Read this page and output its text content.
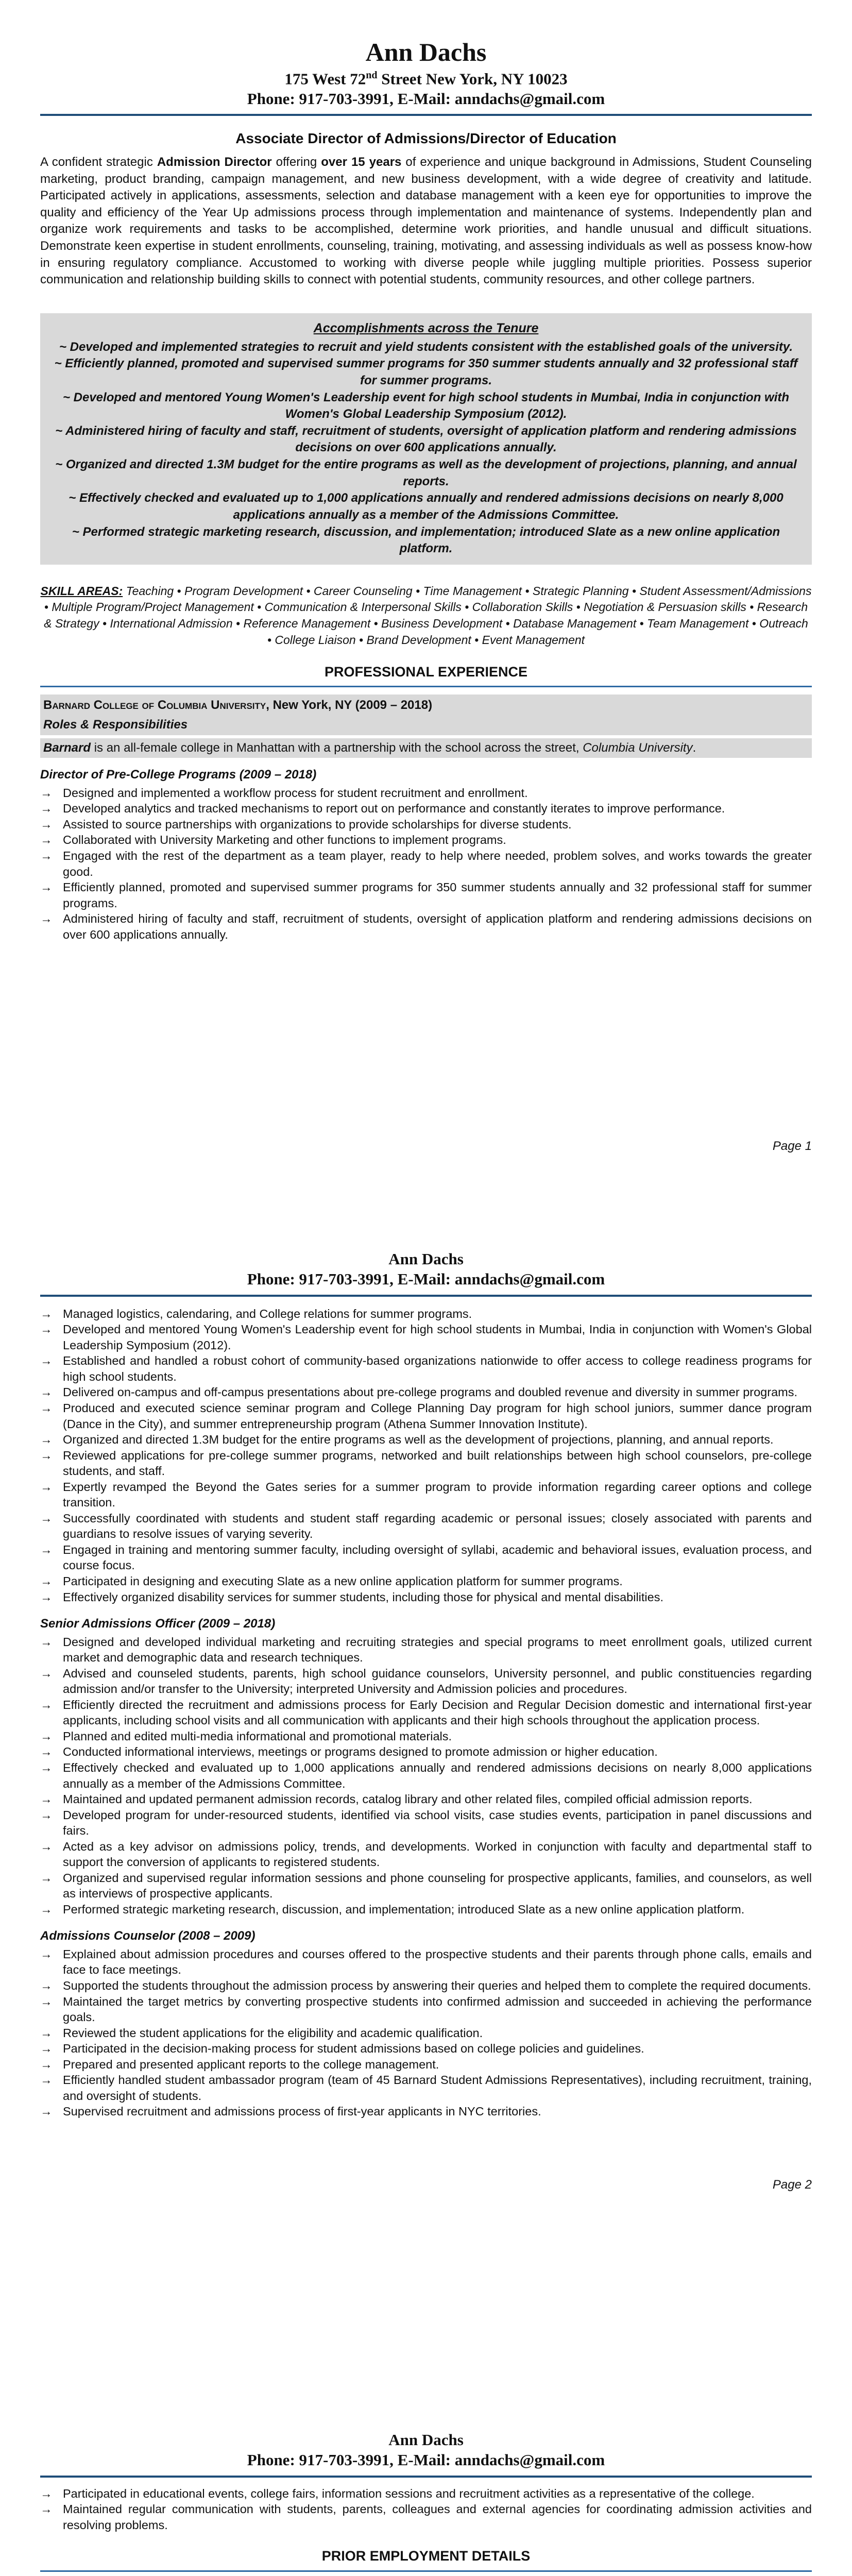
Ann Dachs
175 West 72nd Street New York, NY 10023
Phone: 917-703-3991, E-Mail: anndachs@gmail.com
Associate Director of Admissions/Director of Education

A confident strategic Admission Director offering over 15 years of experience and unique background in Admissions, Student Counseling marketing, product branding, campaign management, and new business development, with a wide degree of creativity and latitude. Participated actively in applications, assessments, selection and database management with a keen eye for opportunities to improve the quality and efficiency of the Year Up admissions process through implementation and maintenance of systems. Independently plan and organize work requirements and tasks to be accomplished, determine work priorities, and handle unusual and difficult situations. Demonstrate keen expertise in student enrollments, counseling, training, motivating, and assessing individuals as well as possess know-how in ensuring regulatory compliance. Accustomed to working with diverse people while juggling multiple priorities. Possess superior communication and relationship building skills to connect with potential students, community resources, and other college partners.

Accomplishments across the Tenure
~ Developed and implemented strategies to recruit and yield students consistent with the established goals of the university.
~ Efficiently planned, promoted and supervised summer programs for 350 summer students annually and 32 professional staff for summer programs.
~ Developed and mentored Young Women's Leadership event for high school students in Mumbai, India in conjunction with Women's Global Leadership Symposium (2012).
~ Administered hiring of faculty and staff, recruitment of students, oversight of application platform and rendering admissions decisions on over 600 applications annually.
~ Organized and directed 1.3M budget for the entire programs as well as the development of projections, planning, and annual reports.
~ Effectively checked and evaluated up to 1,000 applications annually and rendered admissions decisions on nearly 8,000 applications annually as a member of the Admissions Committee.
~ Performed strategic marketing research, discussion, and implementation; introduced Slate as a new online application platform.
SKILL AREAS: Teaching • Program Development • Career Counseling • Time Management • Strategic Planning • Student Assessment/Admissions • Multiple Program/Project Management • Communication & Interpersonal Skills • Collaboration Skills • Negotiation & Persuasion skills • Research & Strategy • International Admission • Reference Management • Business Development • Database Management • Team Management • Outreach • College Liaison • Brand Development • Event Management
PROFESSIONAL EXPERIENCE
Barnard College of Columbia University, New York, NY (2009 – 2018)
Roles & Responsibilities
Barnard is an all-female college in Manhattan with a partnership with the school across the street, Columbia University.
Director of Pre-College Programs (2009 – 2018)
→ Designed and implemented a workflow process for student recruitment and enrollment.
→ Developed analytics and tracked mechanisms to report out on performance and constantly iterates to improve performance.
→ Assisted to source partnerships with organizations to provide scholarships for diverse students.
→ Collaborated with University Marketing and other functions to implement programs.
→ Engaged with the rest of the department as a team player, ready to help where needed, problem solves, and works towards the greater good.
→ Efficiently planned, promoted and supervised summer programs for 350 summer students annually and 32 professional staff for summer programs.
→ Administered hiring of faculty and staff, recruitment of students, oversight of application platform and rendering admissions decisions on over 600 applications annually.
Page 1
Ann Dachs
Phone: 917-703-3991, E-Mail: anndachs@gmail.com
→ Managed logistics, calendaring, and College relations for summer programs.
→ Developed and mentored Young Women's Leadership event for high school students in Mumbai, India in conjunction with Women's Global Leadership Symposium (2012).
→ Established and handled a robust cohort of community-based organizations nationwide to offer access to college readiness programs for high school students.
→ Delivered on-campus and off-campus presentations about pre-college programs and doubled revenue and diversity in summer programs.
→ Produced and executed science seminar program and College Planning Day program for high school juniors, summer dance program (Dance in the City), and summer entrepreneurship program (Athena Summer Innovation Institute).
→ Organized and directed 1.3M budget for the entire programs as well as the development of projections, planning, and annual reports.
→ Reviewed applications for pre-college summer programs, networked and built relationships between high school counselors, pre-college students, and staff.
→ Expertly revamped the Beyond the Gates series for a summer program to provide information regarding career options and college transition.
→ Successfully coordinated with students and student staff regarding academic or personal issues; closely associated with parents and guardians to resolve issues of varying severity.
→ Engaged in training and mentoring summer faculty, including oversight of syllabi, academic and behavioral issues, evaluation process, and course focus.
→ Participated in designing and executing Slate as a new online application platform for summer programs.
→ Effectively organized disability services for summer students, including those for physical and mental disabilities.
Senior Admissions Officer (2009 – 2018)
→ Designed and developed individual marketing and recruiting strategies and special programs to meet enrollment goals, utilized current market and demographic data and research techniques.
→ Advised and counseled students, parents, high school guidance counselors, University personnel, and public constituencies regarding admission and/or transfer to the University; interpreted University and Admission policies and procedures.
→ Efficiently directed the recruitment and admissions process for Early Decision and Regular Decision domestic and international first-year applicants, including school visits and all communication with applicants and their high schools throughout the application process.
→ Planned and edited multi-media informational and promotional materials.
→ Conducted informational interviews, meetings or programs designed to promote admission or higher education.
→ Effectively checked and evaluated up to 1,000 applications annually and rendered admissions decisions on nearly 8,000 applications annually as a member of the Admissions Committee.
→ Maintained and updated permanent admission records, catalog library and other related files, compiled official admission reports.
→ Developed program for under-resourced students, identified via school visits, case studies events, participation in panel discussions and fairs.
→ Acted as a key advisor on admissions policy, trends, and developments. Worked in conjunction with faculty and departmental staff to support the conversion of applicants to registered students.
→ Organized and supervised regular information sessions and phone counseling for prospective applicants, families, and counselors, as well as interviews of prospective applicants.
→ Performed strategic marketing research, discussion, and implementation; introduced Slate as a new online application platform.
Admissions Counselor (2008 – 2009)
→ Explained about admission procedures and courses offered to the prospective students and their parents through phone calls, emails and face to face meetings.
→ Supported the students throughout the admission process by answering their queries and helped them to complete the required documents.
→ Maintained the target metrics by converting prospective students into confirmed admission and succeeded in achieving the performance goals.
→ Reviewed the student applications for the eligibility and academic qualification.
→ Participated in the decision-making process for student admissions based on college policies and guidelines.
→ Prepared and presented applicant reports to the college management.
→ Efficiently handled student ambassador program (team of 45 Barnard Student Admissions Representatives), including recruitment, training, and oversight of students.
→ Supervised recruitment and admissions process of first-year applicants in NYC territories.
Page 2
Ann Dachs
Phone: 917-703-3991, E-Mail: anndachs@gmail.com
→ Participated in educational events, college fairs, information sessions and recruitment activities as a representative of the college.
→ Maintained regular communication with students, parents, colleagues and external agencies for coordinating admission activities and resolving problems.
PRIOR EMPLOYMENT DETAILS
